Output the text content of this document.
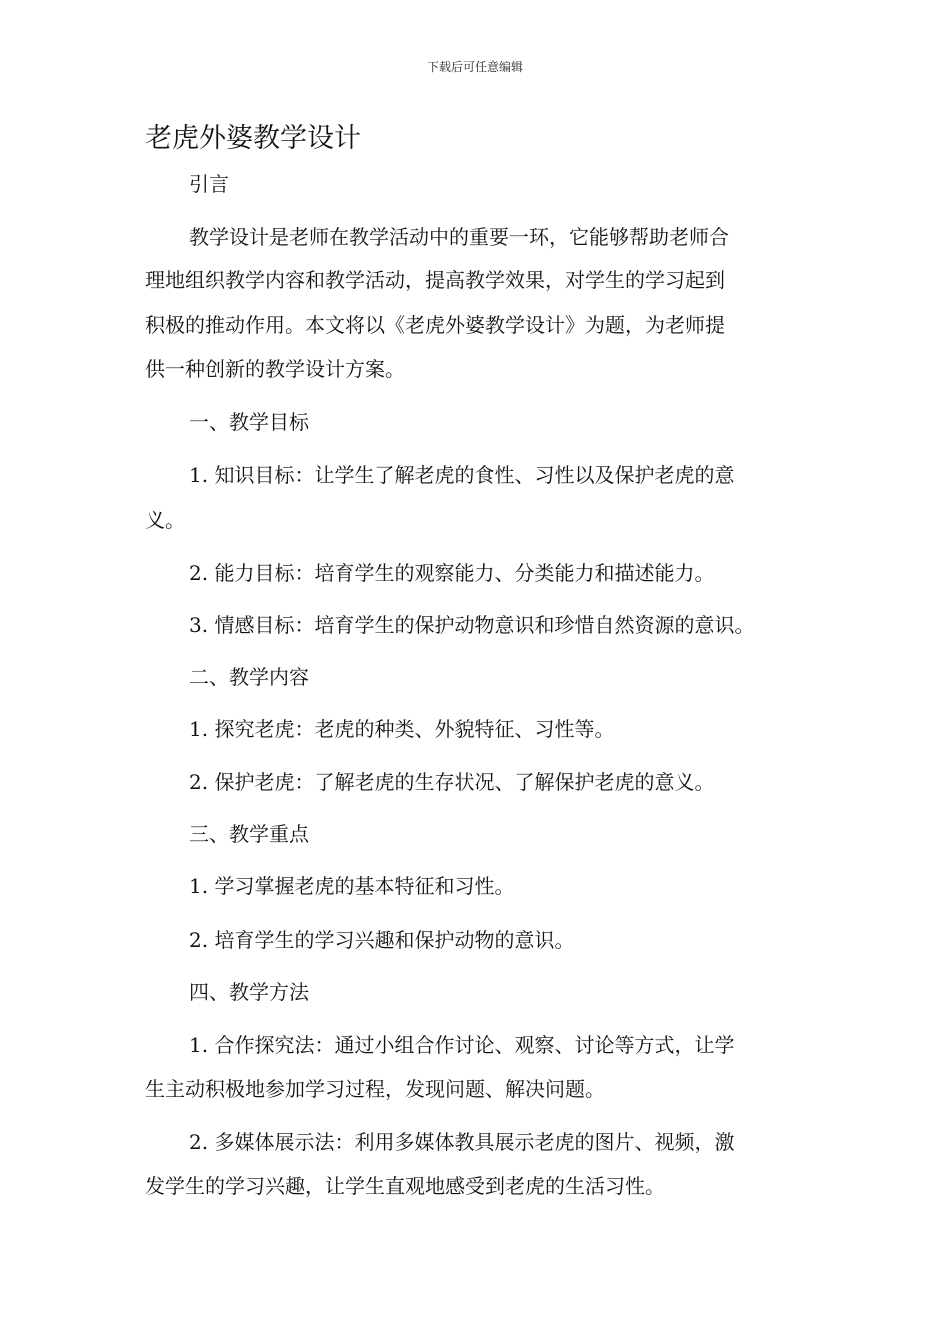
下载后可任意编辑
老虎外婆教学设计
引言
教学设计是老师在教学活动中的重要一环，它能够帮助老师合
理地组织教学内容和教学活动，提高教学效果，对学生的学习起到
积极的推动作用。本文将以《老虎外婆教学设计》为题，为老师提
供一种创新的教学设计方案。
一、教学目标
1. 知识目标：让学生了解老虎的食性、习性以及保护老虎的意
义。
2. 能力目标：培育学生的观察能力、分类能力和描述能力。
3. 情感目标：培育学生的保护动物意识和珍惜自然资源的意识。
二、教学内容
1. 探究老虎：老虎的种类、外貌特征、习性等。
2. 保护老虎：了解老虎的生存状况、了解保护老虎的意义。
三、教学重点
1. 学习掌握老虎的基本特征和习性。
2. 培育学生的学习兴趣和保护动物的意识。
四、教学方法
1. 合作探究法：通过小组合作讨论、观察、讨论等方式，让学
生主动积极地参加学习过程，发现问题、解决问题。
2. 多媒体展示法：利用多媒体教具展示老虎的图片、视频，激
发学生的学习兴趣，让学生直观地感受到老虎的生活习性。
